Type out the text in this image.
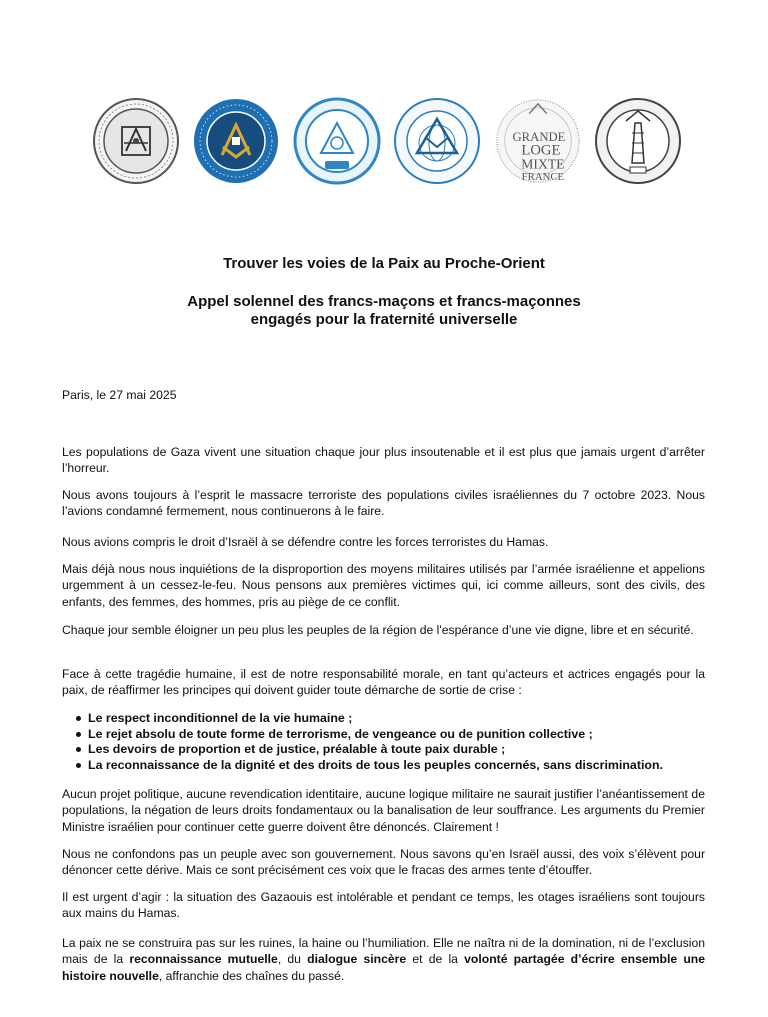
GRANDE
LOGE
MIXTE
FRANCE

Trouver les voies de la Paix au Proche-Orient

Appel solennel des francs-maçons et francs-maçonnes
engagés pour la fraternité universelle

Paris, le 27 mai 2025

Les populations de Gaza vivent une situation chaque jour plus insoutenable et il est plus que jamais urgent d’arrêter l’horreur.

Nous avons toujours à l’esprit le massacre terroriste des populations civiles israéliennes du 7 octobre 2023. Nous l’avions condamné fermement, nous continuerons à le faire.

Nous avions compris le droit d’Israël à se défendre contre les forces terroristes du Hamas.

Mais déjà nous nous inquiétions de la disproportion des moyens militaires utilisés par l’armée israélienne et appelions urgemment à un cessez-le-feu. Nous pensons aux premières victimes qui, ici comme ailleurs, sont des civils, des enfants, des femmes, des hommes, pris au piège de ce conflit.

Chaque jour semble éloigner un peu plus les peuples de la région de l'espérance d’une vie digne, libre et en sécurité.

Face à cette tragédie humaine, il est de notre responsabilité morale, en tant qu’acteurs et actrices engagés pour la paix, de réaffirmer les principes qui doivent guider toute démarche de sortie de crise :

Le respect inconditionnel de la vie humaine ;
Le rejet absolu de toute forme de terrorisme, de vengeance ou de punition collective ;
Les devoirs de proportion et de justice, préalable à toute paix durable ;
La reconnaissance de la dignité et des droits de tous les peuples concernés, sans discrimination.

Aucun projet politique, aucune revendication identitaire, aucune logique militaire ne saurait justifier l’anéantissement de populations, la négation de leurs droits fondamentaux ou la banalisation de leur souffrance. Les arguments du Premier Ministre israélien pour continuer cette guerre doivent être dénoncés. Clairement !

Nous ne confondons pas un peuple avec son gouvernement. Nous savons qu’en Israël aussi, des voix s’élèvent pour dénoncer cette dérive. Mais ce sont précisément ces voix que le fracas des armes tente d’étouffer.

Il est urgent d’agir : la situation des Gazaouis est intolérable et pendant ce temps, les otages israéliens sont toujours aux mains du Hamas.

La paix ne se construira pas sur les ruines, la haine ou l’humiliation. Elle ne naîtra ni de la domination, ni de l’exclusion mais de la reconnaissance mutuelle, du dialogue sincère et de la volonté partagée d’écrire ensemble une histoire nouvelle, affranchie des chaînes du passé.
